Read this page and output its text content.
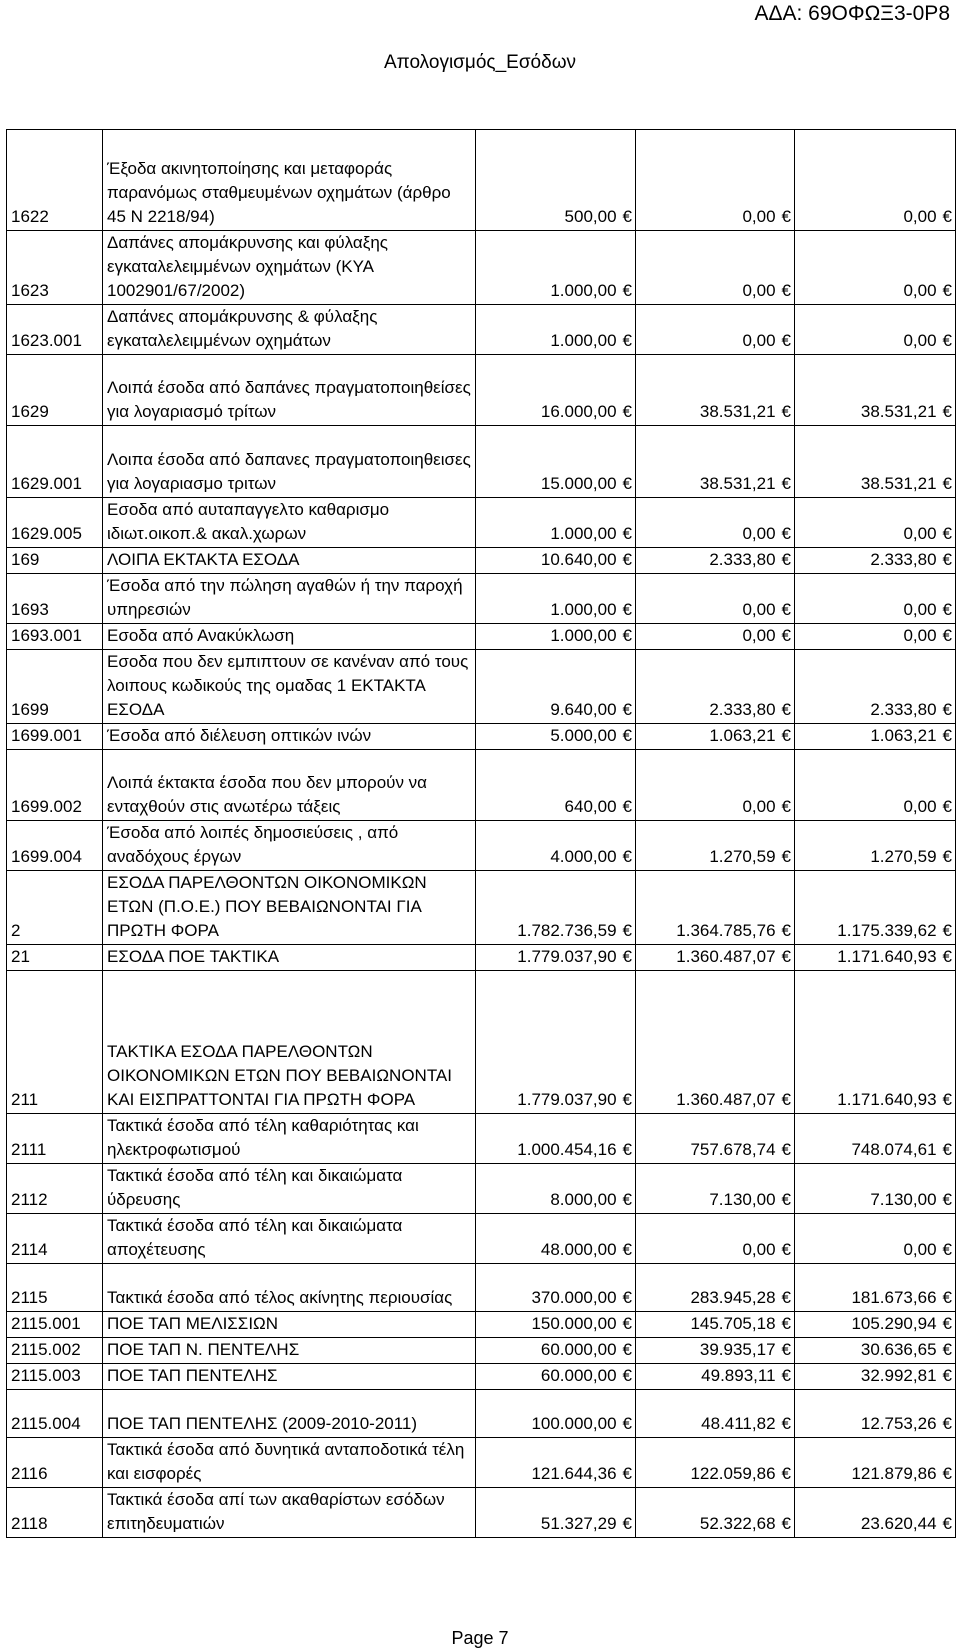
ΑΔΑ: 69ΟΦΩΞ3-0Ρ8
Απολογισμός_Εσόδων
1622	Έξοδα ακινητοποίησης και μεταφοράς παρανόμως σταθμευμένων οχημάτων (άρθρο 45 Ν 2218/94)	500,00 €	0,00 €	0,00 €
1623	Δαπάνες απομάκρυνσης και φύλαξης εγκαταλελειμμένων οχημάτων (ΚΥΑ 1002901/67/2002)	1.000,00 €	0,00 €	0,00 €
1623.001	Δαπάνες απομάκρυνσης & φύλαξης εγκαταλελειμμένων οχημάτων	1.000,00 €	0,00 €	0,00 €
1629	Λοιπά έσοδα από δαπάνες πραγματοποιηθείσες για λογαριασμό τρίτων	16.000,00 €	38.531,21 €	38.531,21 €
1629.001	Λοιπα έσοδα από δαπανες πραγματοποιηθεισες για λογαριασμο τριτων	15.000,00 €	38.531,21 €	38.531,21 €
1629.005	Εσοδα από αυταπαγγελτο καθαρισμο ιδιωτ.οικοπ.& ακαλ.χωρων	1.000,00 €	0,00 €	0,00 €
169	ΛΟΙΠΑ ΕΚΤΑΚΤΑ ΕΣΟΔΑ	10.640,00 €	2.333,80 €	2.333,80 €
1693	Έσοδα από την πώληση αγαθών ή την παροχή υπηρεσιών	1.000,00 €	0,00 €	0,00 €
1693.001	Εσοδα από Ανακύκλωση	1.000,00 €	0,00 €	0,00 €
1699	Εσοδα που δεν εμπιπτουν σε κανέναν από τους λοιπους κωδικούς της ομαδας 1 ΕΚΤΑΚΤΑ ΕΣΟΔΑ	9.640,00 €	2.333,80 €	2.333,80 €
1699.001	Έσοδα από διέλευση οπτικών ινών	5.000,00 €	1.063,21 €	1.063,21 €
1699.002	Λοιπά έκτακτα έσοδα που δεν μπορούν να ενταχθούν στις ανωτέρω τάξεις	640,00 €	0,00 €	0,00 €
1699.004	Έσοδα από λοιπές δημοσιεύσεις , από αναδόχους έργων	4.000,00 €	1.270,59 €	1.270,59 €
2	ΕΣΟΔΑ ΠΑΡΕΛΘΟΝΤΩΝ ΟΙΚΟΝΟΜΙΚΩΝ ΕΤΩΝ (Π.Ο.Ε.) ΠΟΥ ΒΕΒΑΙΩΝΟΝΤΑΙ ΓΙΑ ΠΡΩΤΗ ΦΟΡΑ	1.782.736,59 €	1.364.785,76 €	1.175.339,62 €
21	ΕΣΟΔΑ ΠΟΕ ΤΑΚΤΙΚΑ	1.779.037,90 €	1.360.487,07 €	1.171.640,93 €
211	ΤΑΚΤΙΚΑ ΕΣΟΔΑ ΠΑΡΕΛΘΟΝΤΩΝ ΟΙΚΟΝΟΜΙΚΩΝ ΕΤΩΝ ΠΟΥ ΒΕΒΑΙΩΝΟΝΤΑΙ ΚΑΙ ΕΙΣΠΡΑΤΤΟΝΤΑΙ ΓΙΑ ΠΡΩΤΗ ΦΟΡΑ	1.779.037,90 €	1.360.487,07 €	1.171.640,93 €
2111	Τακτικά έσοδα από τέλη καθαριότητας και ηλεκτροφωτισμού	1.000.454,16 €	757.678,74 €	748.074,61 €
2112	Τακτικά έσοδα από τέλη και δικαιώματα ύδρευσης	8.000,00 €	7.130,00 €	7.130,00 €
2114	Τακτικά έσοδα από τέλη και δικαιώματα αποχέτευσης	48.000,00 €	0,00 €	0,00 €
2115	Τακτικά έσοδα από τέλος ακίνητης περιουσίας	370.000,00 €	283.945,28 €	181.673,66 €
2115.001	ΠΟΕ ΤΑΠ ΜΕΛΙΣΣΙΩΝ	150.000,00 €	145.705,18 €	105.290,94 €
2115.002	ΠΟΕ ΤΑΠ Ν. ΠΕΝΤΕΛΗΣ	60.000,00 €	39.935,17 €	30.636,65 €
2115.003	ΠΟΕ ΤΑΠ ΠΕΝΤΕΛΗΣ	60.000,00 €	49.893,11 €	32.992,81 €
2115.004	ΠΟΕ ΤΑΠ ΠΕΝΤΕΛΗΣ (2009-2010-2011)	100.000,00 €	48.411,82 €	12.753,26 €
2116	Τακτικά έσοδα από δυνητικά ανταποδοτικά τέλη και εισφορές	121.644,36 €	122.059,86 €	121.879,86 €
2118	Τακτικά έσοδα απί των ακαθαρίστων εσόδων επιτηδευματιών	51.327,29 €	52.322,68 €	23.620,44 €
Page 7
